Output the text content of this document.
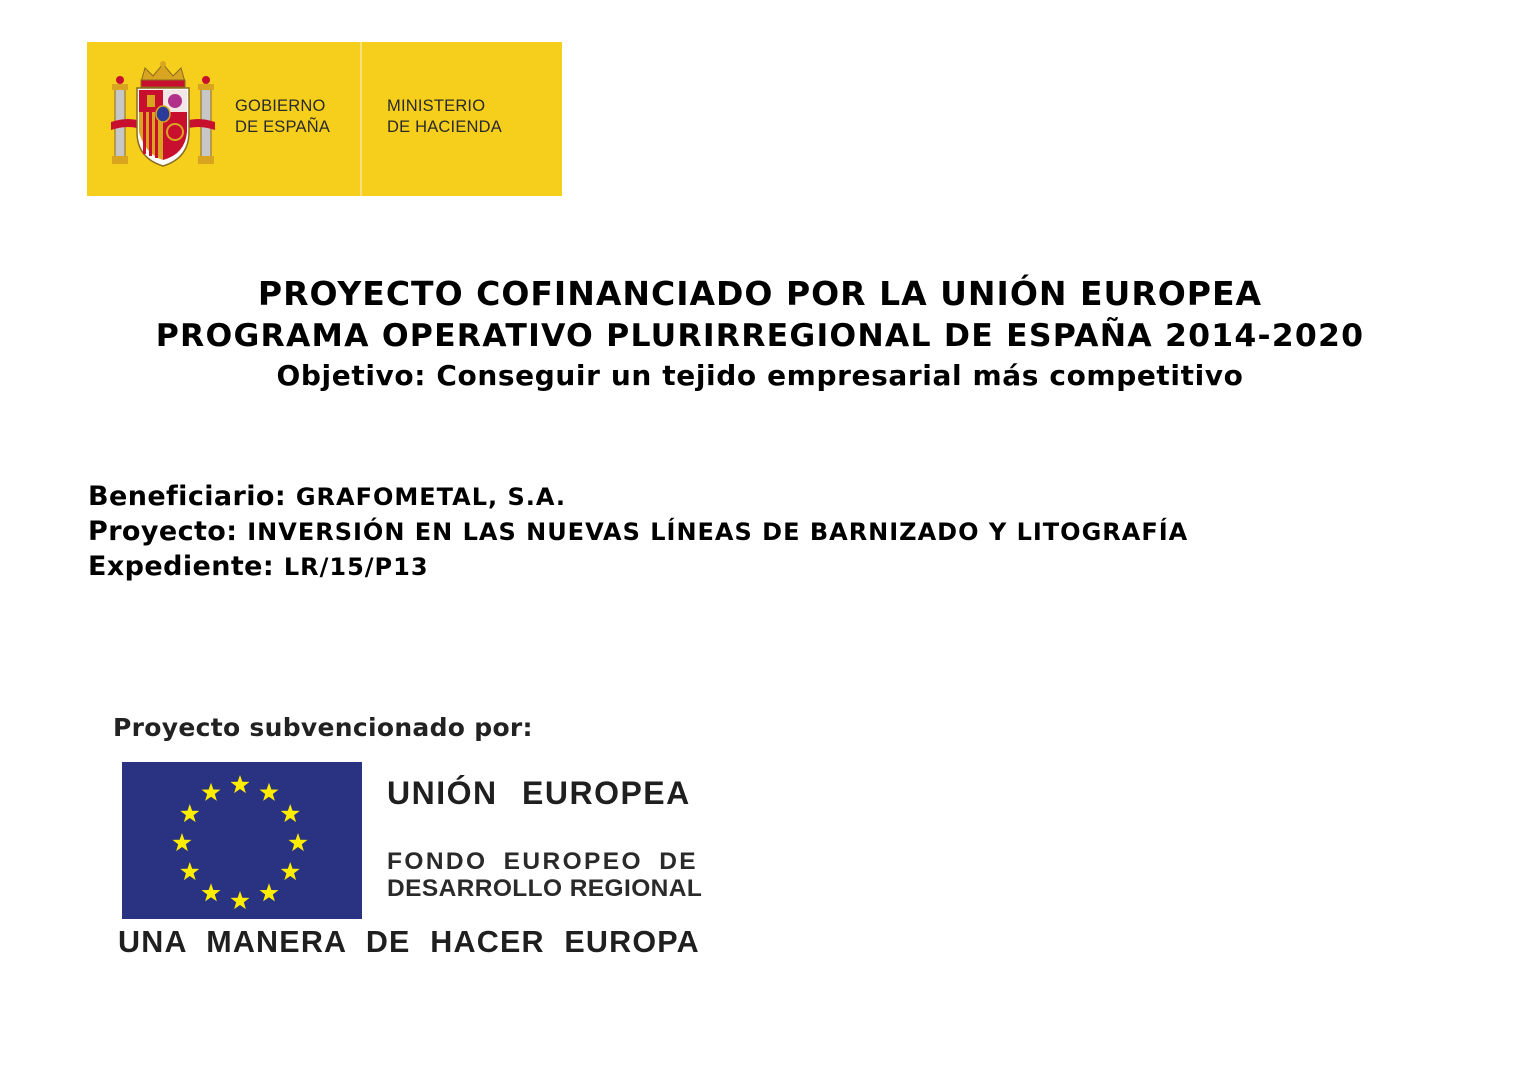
GOBIERNO
DE ESPAÑA
MINISTERIO
DE HACIENDA
PROYECTO COFINANCIADO POR LA UNIÓN EUROPEA
PROGRAMA OPERATIVO PLURIRREGIONAL DE ESPAÑA 2014-2020
Objetivo: Conseguir un tejido empresarial más competitivo
Beneficiario: GRAFOMETAL, S.A.
Proyecto: INVERSIÓN EN LAS NUEVAS LÍNEAS DE BARNIZADO Y LITOGRAFÍA
Expediente: LR/15/P13
Proyecto subvencionado por:
UNIÓN EUROPEA
FONDO EUROPEO DE
DESARROLLO REGIONAL
UNA MANERA DE HACER EUROPA
